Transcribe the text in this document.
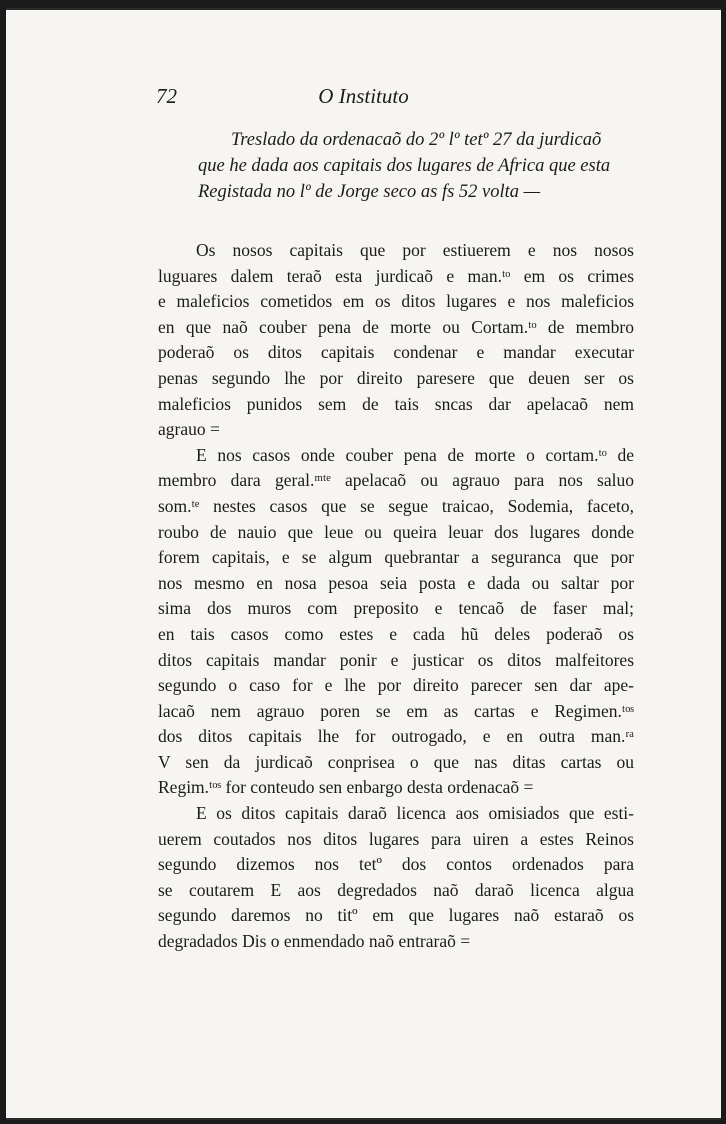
72	O Instituto
Treslado da ordenacaõ do 2º lº tetº 27 da jurdicaõ
que he dada aos capitais dos lugares de Africa que esta
Registada no lº de Jorge seco as fs 52 volta —

Os nosos capitais que por estiuerem e nos nosos
luguares dalem teraõ esta jurdicaõ e man.ᵗᵒ em os crimes
e maleficios cometidos em os ditos lugares e nos maleficios
en que naõ couber pena de morte ou Cortam.ᵗᵒ de membro
poderaõ os ditos capitais condenar e mandar executar
penas segundo lhe por direito paresere que deuen ser os
maleficios punidos sem de tais sncas dar apelacaõ nem
agrauo =

E nos casos onde couber pena de morte o cortam.ᵗᵒ de
membro dara geral.ᵐᵗᵉ apelacaõ ou agrauo para nos saluo
som.ᵗᵉ nestes casos que se segue traicao, Sodemia, faceto,
roubo de nauio que leue ou queira leuar dos lugares donde
forem capitais, e se algum quebrantar a seguranca que por
nos mesmo en nosa pesoa seia posta e dada ou saltar por
sima dos muros com preposito e tencaõ de faser mal;
en tais casos como estes e cada hũ deles poderaõ os
ditos capitais mandar ponir e justicar os ditos malfeitores
segundo o caso for e lhe por direito parecer sen dar ape-
lacaõ nem agrauo poren se em as cartas e Regimen.ᵗᵒˢ
dos ditos capitais lhe for outrogado, e en outra man.ʳᵃ
V sen da jurdicaõ conprisea o que nas ditas cartas ou
Regim.ᵗᵒˢ for conteudo sen enbargo desta ordenacaõ =

E os ditos capitais daraõ licenca aos omisiados que esti-
uerem coutados nos ditos lugares para uiren a estes Reinos
segundo dizemos nos tetº dos contos ordenados para
se coutarem E aos degredados naõ daraõ licenca algua
segundo daremos no titº em que lugares naõ estaraõ os
degradados Dis o enmendado naõ entraraõ =
